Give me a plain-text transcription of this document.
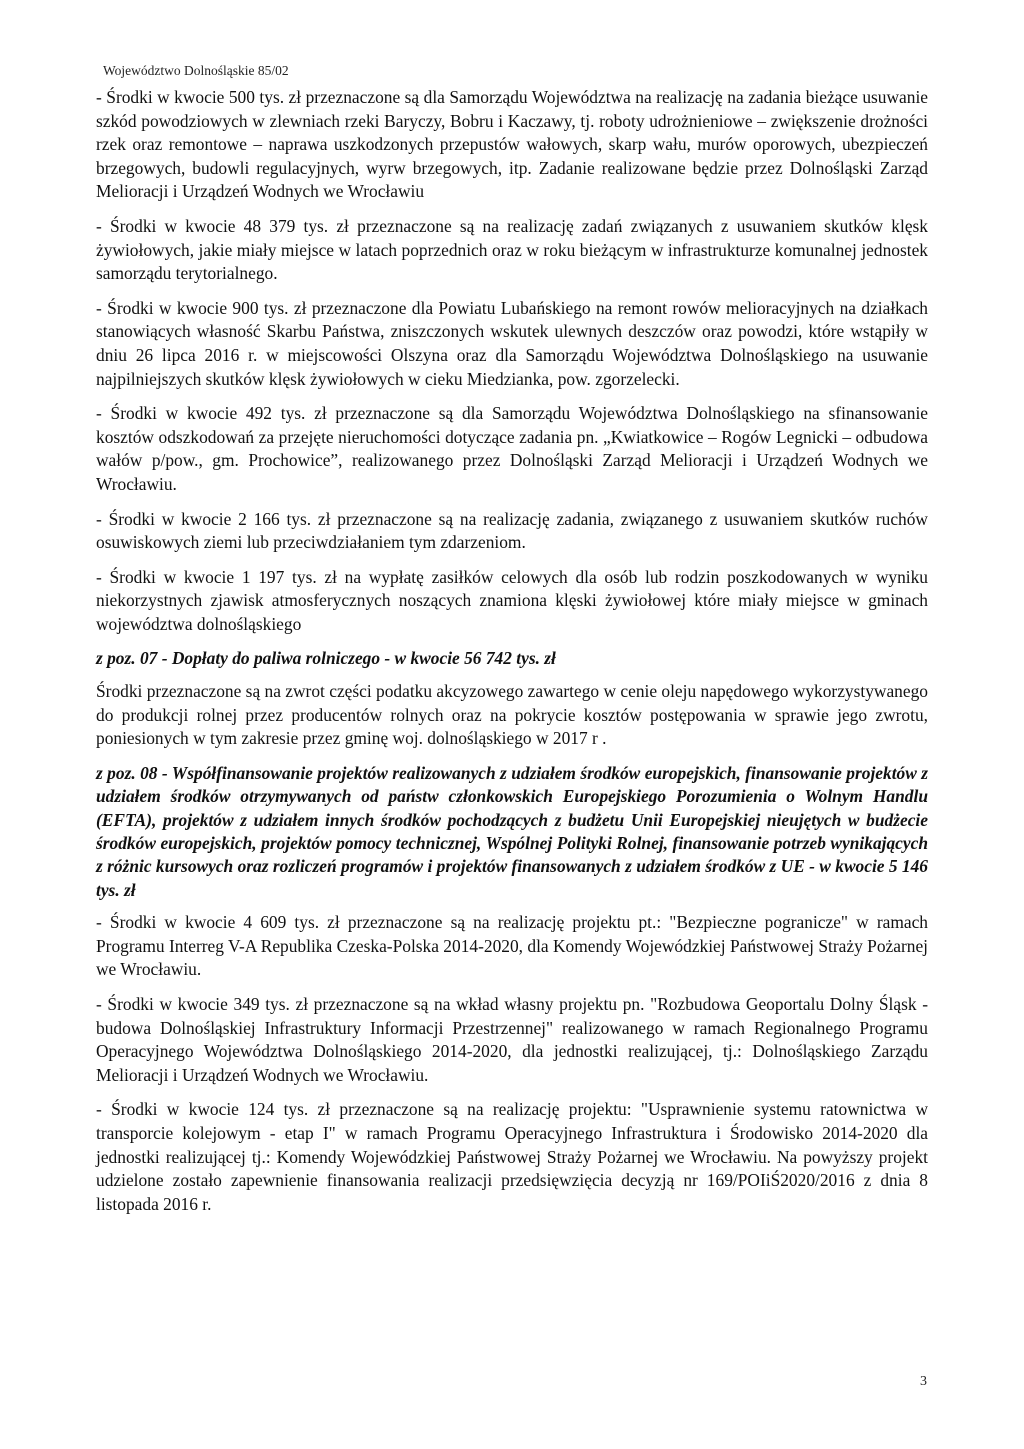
Województwo Dolnośląskie 85/02

- Środki w kwocie 500 tys. zł przeznaczone są dla Samorządu Województwa na realizację na zadania bieżące usuwanie szkód powodziowych w zlewniach rzeki Baryczy, Bobru i Kaczawy, tj. roboty udrożnieniowe – zwiększenie drożności rzek oraz remontowe – naprawa uszkodzonych przepustów wałowych, skarp wału, murów oporowych, ubezpieczeń brzegowych, budowli regulacyjnych, wyrw brzegowych, itp. Zadanie realizowane będzie przez Dolnośląski Zarząd Melioracji i Urządzeń Wodnych we Wrocławiu

- Środki w kwocie 48 379 tys. zł przeznaczone są na realizację zadań związanych z usuwaniem skutków klęsk żywiołowych, jakie miały miejsce w latach poprzednich oraz w roku bieżącym w infrastrukturze komunalnej jednostek samorządu terytorialnego.

- Środki w kwocie 900 tys. zł przeznaczone dla Powiatu Lubańskiego na remont rowów melioracyjnych na działkach stanowiących własność Skarbu Państwa, zniszczonych wskutek ulewnych deszczów oraz powodzi, które wstąpiły w dniu 26 lipca 2016 r. w miejscowości Olszyna oraz dla Samorządu Województwa Dolnośląskiego na usuwanie najpilniejszych skutków klęsk żywiołowych w cieku Miedzianka, pow. zgorzelecki.

- Środki w kwocie 492 tys. zł przeznaczone są dla Samorządu Województwa Dolnośląskiego na sfinansowanie kosztów odszkodowań za przejęte nieruchomości dotyczące zadania pn. „Kwiatkowice – Rogów Legnicki – odbudowa wałów p/pow., gm. Prochowice”, realizowanego przez Dolnośląski Zarząd Melioracji i Urządzeń Wodnych we Wrocławiu.

- Środki w kwocie 2 166 tys. zł przeznaczone są na realizację zadania, związanego z usuwaniem skutków ruchów osuwiskowych ziemi lub przeciwdziałaniem tym zdarzeniom.

- Środki w kwocie 1 197 tys. zł na wypłatę zasiłków celowych dla osób lub rodzin poszkodowanych w wyniku niekorzystnych zjawisk atmosferycznych noszących znamiona klęski żywiołowej które miały miejsce w gminach województwa dolnośląskiego

z poz. 07 - Dopłaty do paliwa rolniczego - w kwocie 56 742 tys. zł

Środki przeznaczone są na zwrot części podatku akcyzowego zawartego w cenie oleju napędowego wykorzystywanego do produkcji rolnej przez producentów rolnych oraz na pokrycie kosztów postępowania w sprawie jego zwrotu, poniesionych w tym zakresie przez gminę woj. dolnośląskiego w 2017 r .

z poz. 08 - Współfinansowanie projektów realizowanych z udziałem środków europejskich, finansowanie projektów z udziałem środków otrzymywanych od państw członkowskich Europejskiego Porozumienia o Wolnym Handlu (EFTA), projektów z udziałem innych środków pochodzących z budżetu Unii Europejskiej nieujętych w budżecie środków europejskich, projektów pomocy technicznej, Wspólnej Polityki Rolnej, finansowanie potrzeb wynikających z różnic kursowych oraz rozliczeń programów i projektów finansowanych z udziałem środków z UE - w kwocie 5 146 tys. zł

- Środki w kwocie 4 609 tys. zł przeznaczone są na realizację projektu pt.: "Bezpieczne pogranicze" w ramach Programu Interreg V-A Republika Czeska-Polska 2014-2020, dla Komendy Wojewódzkiej Państwowej Straży Pożarnej we Wrocławiu.

- Środki w kwocie 349 tys. zł przeznaczone są na wkład własny projektu pn. "Rozbudowa Geoportalu Dolny Śląsk - budowa Dolnośląskiej Infrastruktury Informacji Przestrzennej" realizowanego w ramach Regionalnego Programu Operacyjnego Województwa Dolnośląskiego 2014-2020, dla jednostki realizującej, tj.: Dolnośląskiego Zarządu Melioracji i Urządzeń Wodnych we Wrocławiu.

- Środki w kwocie 124 tys. zł przeznaczone są na realizację projektu: "Usprawnienie systemu ratownictwa w transporcie kolejowym - etap I" w ramach Programu Operacyjnego Infrastruktura i Środowisko 2014-2020 dla jednostki realizującej tj.: Komendy Wojewódzkiej Państwowej Straży Pożarnej we Wrocławiu. Na powyższy projekt udzielone zostało zapewnienie finansowania realizacji przedsięwzięcia decyzją nr 169/POIiŚ2020/2016 z dnia 8 listopada 2016 r.

3
